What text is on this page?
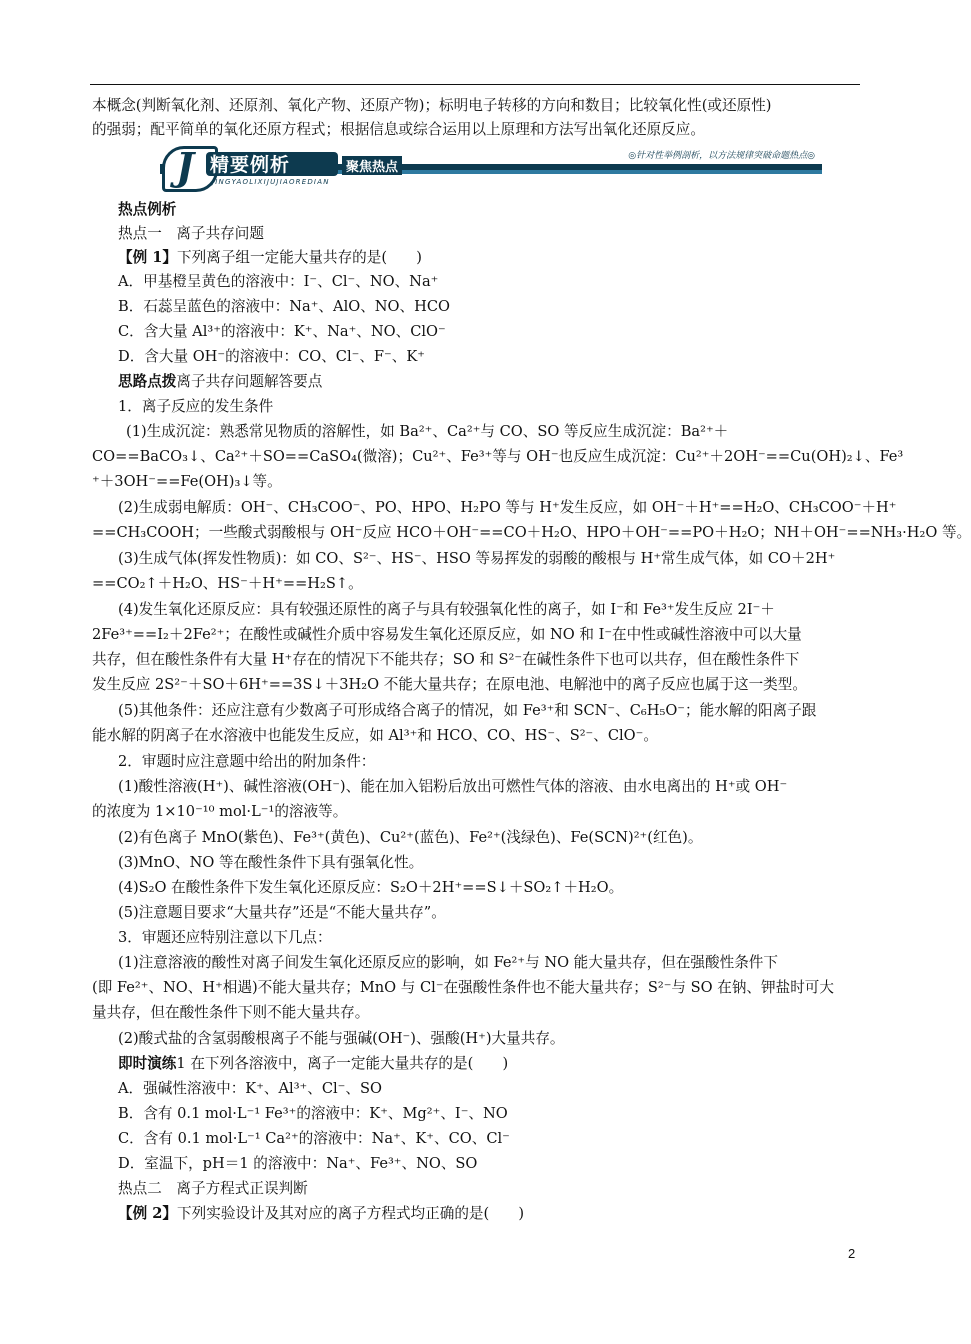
本概念(判断氧化剂、还原剂、氧化产物、还原产物)；标明电子转移的方向和数目；比较氧化性(或还原性)
的强弱；配平简单的氧化还原方程式；根据信息或综合运用以上原理和方法写出氧化还原反应。
J 精要例析	聚焦热点
JINGYAOLIXIJUJIAOREDIAN
◎针对性举例剖析，以方法规律突破命题热点◎
热点例析
热点一　离子共存问题
【例 1】下列离子组一定能大量共存的是(　　)
A．甲基橙呈黄色的溶液中：I⁻、Cl⁻、NO、Na⁺
B．石蕊呈蓝色的溶液中：Na⁺、AlO、NO、HCO
C．含大量 Al³⁺的溶液中：K⁺、Na⁺、NO、ClO⁻
D．含大量 OH⁻的溶液中：CO、Cl⁻、F⁻、K⁺
思路点拨离子共存问题解答要点
1．离子反应的发生条件
(1)生成沉淀：熟悉常见物质的溶解性，如 Ba²⁺、Ca²⁺与 CO、SO 等反应生成沉淀：Ba²⁺＋
CO==BaCO₃↓、Ca²⁺＋SO==CaSO₄(微溶)；Cu²⁺、Fe³⁺等与 OH⁻也反应生成沉淀：Cu²⁺＋2OH⁻==Cu(OH)₂↓、Fe³
⁺＋3OH⁻==Fe(OH)₃↓等。
(2)生成弱电解质：OH⁻、CH₃COO⁻、PO、HPO、H₂PO 等与 H⁺发生反应，如 OH⁻＋H⁺==H₂O、CH₃COO⁻＋H⁺
==CH₃COOH；一些酸式弱酸根与 OH⁻反应 HCO＋OH⁻==CO＋H₂O、HPO＋OH⁻==PO＋H₂O；NH＋OH⁻==NH₃·H₂O 等。
(3)生成气体(挥发性物质)：如 CO、S²⁻、HS⁻、HSO 等易挥发的弱酸的酸根与 H⁺常生成气体，如 CO＋2H⁺
==CO₂↑＋H₂O、HS⁻＋H⁺==H₂S↑。
(4)发生氧化还原反应：具有较强还原性的离子与具有较强氧化性的离子，如 I⁻和 Fe³⁺发生反应 2I⁻＋
2Fe³⁺==I₂＋2Fe²⁺；在酸性或碱性介质中容易发生氧化还原反应，如 NO 和 I⁻在中性或碱性溶液中可以大量
共存，但在酸性条件有大量 H⁺存在的情况下不能共存；SO 和 S²⁻在碱性条件下也可以共存，但在酸性条件下
发生反应 2S²⁻＋SO＋6H⁺==3S↓＋3H₂O 不能大量共存；在原电池、电解池中的离子反应也属于这一类型。
(5)其他条件：还应注意有少数离子可形成络合离子的情况，如 Fe³⁺和 SCN⁻、C₆H₅O⁻；能水解的阳离子跟
能水解的阴离子在水溶液中也能发生反应，如 Al³⁺和 HCO、CO、HS⁻、S²⁻、ClO⁻。
2．审题时应注意题中给出的附加条件：
(1)酸性溶液(H⁺)、碱性溶液(OH⁻)、能在加入铝粉后放出可燃性气体的溶液、由水电离出的 H⁺或 OH⁻
的浓度为 1×10⁻¹⁰ mol·L⁻¹的溶液等。
(2)有色离子 MnO(紫色)、Fe³⁺(黄色)、Cu²⁺(蓝色)、Fe²⁺(浅绿色)、Fe(SCN)²⁺(红色)。
(3)MnO、NO 等在酸性条件下具有强氧化性。
(4)S₂O 在酸性条件下发生氧化还原反应：S₂O＋2H⁺==S↓＋SO₂↑＋H₂O。
(5)注意题目要求“大量共存”还是“不能大量共存”。
3．审题还应特别注意以下几点：
(1)注意溶液的酸性对离子间发生氧化还原反应的影响，如 Fe²⁺与 NO 能大量共存，但在强酸性条件下
(即 Fe²⁺、NO、H⁺相遇)不能大量共存；MnO 与 Cl⁻在强酸性条件也不能大量共存；S²⁻与 SO 在钠、钾盐时可大
量共存，但在酸性条件下则不能大量共存。
(2)酸式盐的含氢弱酸根离子不能与强碱(OH⁻)、强酸(H⁺)大量共存。
即时演练1 在下列各溶液中，离子一定能大量共存的是(　　)
A．强碱性溶液中：K⁺、Al³⁺、Cl⁻、SO
B．含有 0.1 mol·L⁻¹ Fe³⁺的溶液中：K⁺、Mg²⁺、I⁻、NO
C．含有 0.1 mol·L⁻¹ Ca²⁺的溶液中：Na⁺、K⁺、CO、Cl⁻
D．室温下，pH＝1 的溶液中：Na⁺、Fe³⁺、NO、SO
热点二　离子方程式正误判断
【例 2】下列实验设计及其对应的离子方程式均正确的是(　　)
2
